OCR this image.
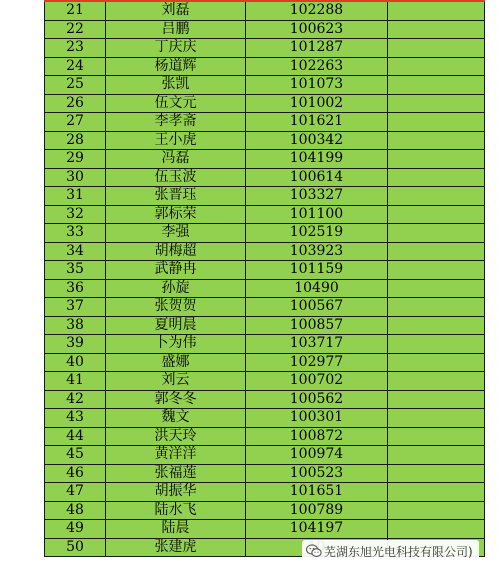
21	刘磊	102288	
22	吕鹏	100623	
23	丁庆庆	101287	
24	杨道辉	102263	
25	张凯	101073	
26	伍文元	101002	
27	李孝斋	101621	
28	王小虎	100342	
29	冯磊	104199	
30	伍玉波	100614	
31	张晋珏	103327	
32	郭标荣	101100	
33	李强	102519	
34	胡梅超	103923	
35	武静冉	101159	
36	孙旋	10490	
37	张贺贺	100567	
38	夏明晨	100857	
39	卜为伟	103717	
40	盛娜	102977	
41	刘云	100702	
42	郭冬冬	100562	
43	魏文	100301	
44	洪天玲	100872	
45	黄洋洋	100974	
46	张福莲	100523	
47	胡振华	101651	
48	陆水飞	100789	
49	陆晨	104197	
50	张建虎			芜湖东旭光电科技有限公司)
